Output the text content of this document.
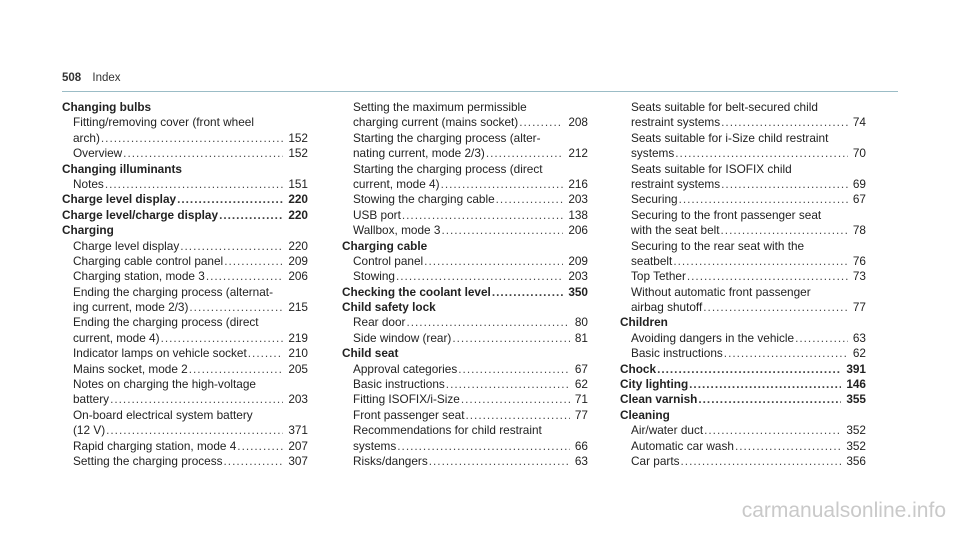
508 Index
Changing bulbs
Fitting/removing cover (front wheel
arch) .....	152
Overview .....	152
Changing illuminants
Notes .....	151
Charge level display .....	220
Charge level/charge display .....	220
Charging
Charge level display .....	220
Charging cable control panel .....	209
Charging station, mode 3 .....	206
Ending the charging process (alternat-
ing current, mode 2/3) .....	215
Ending the charging process (direct
current, mode 4) .....	219
Indicator lamps on vehicle socket .....	210
Mains socket, mode 2 .....	205
Notes on charging the high-voltage
battery .....	203
On-board electrical system battery
(12 V) .....	371
Rapid charging station, mode 4 .....	207
Setting the charging process .....	307
Setting the maximum permissible
charging current (mains socket) .....	208
Starting the charging process (alter-
nating current, mode 2/3) .....	212
Starting the charging process (direct
current, mode 4) .....	216
Stowing the charging cable .....	203
USB port .....	138
Wallbox, mode 3 .....	206
Charging cable
Control panel .....	209
Stowing .....	203
Checking the coolant level .....	350
Child safety lock
Rear door .....	80
Side window (rear) .....	81
Child seat
Approval categories .....	67
Basic instructions .....	62
Fitting ISOFIX/i-Size .....	71
Front passenger seat .....	77
Recommendations for child restraint
systems .....	66
Risks/dangers .....	63
Seats suitable for belt-secured child
restraint systems .....	74
Seats suitable for i-Size child restraint
systems .....	70
Seats suitable for ISOFIX child
restraint systems .....	69
Securing .....	67
Securing to the front passenger seat
with the seat belt .....	78
Securing to the rear seat with the
seatbelt .....	76
Top Tether .....	73
Without automatic front passenger
airbag shutoff .....	77
Children
Avoiding dangers in the vehicle .....	63
Basic instructions .....	62
Chock .....	391
City lighting .....	146
Clean varnish .....	355
Cleaning
Air/water duct .....	352
Automatic car wash .....	352
Car parts .....	356
carmanualsonline.info
